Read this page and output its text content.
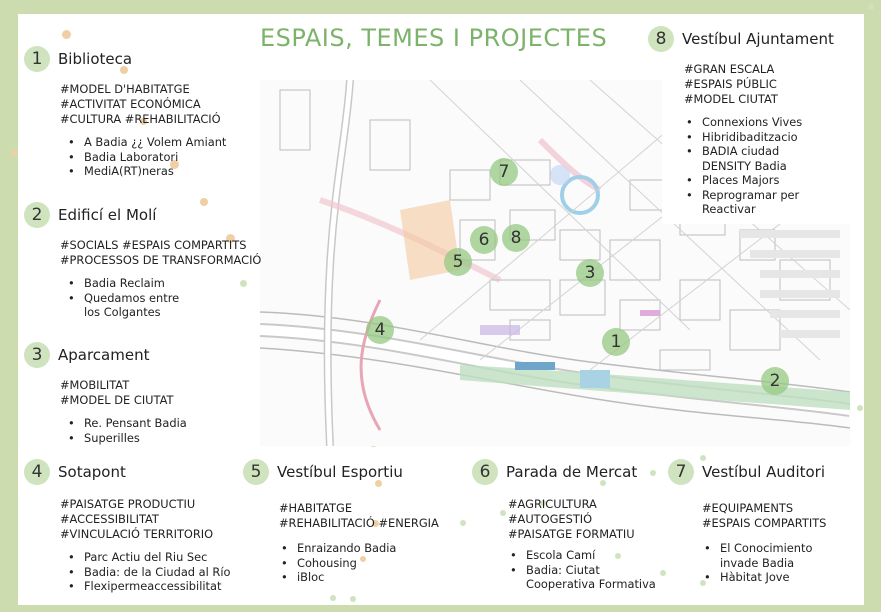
ESPAIS, TEMES I PROJECTES
1
2
3
4
5
6
7
8
1	Biblioteca
#MODEL D'HABITATGE
#ACTIVITAT ECONÓMICA
#CULTURA #REHABILITACIÓ
• A Badia ¿¿ Volem Amiant
• Badia Laboratori
• MediA(RT)neras
2	Edificí el Molí
#SOCIALS #ESPAIS COMPARTITS
#PROCESSOS DE TRANSFORMACIÓ
• Badia Reclaim
• Quedamos entre los Colgantes
3	Aparcament
#MOBILITAT
#MODEL DE CIUTAT
• Re. Pensant Badia
• Superilles
4	Sotapont
#PAISATGE PRODUCTIU
#ACCESSIBILITAT
#VINCULACIÓ TERRITORIO
• Parc Actiu del Riu Sec
• Badia: de la Ciudad al Río
• Flexipermeaccessibilitat
5	Vestíbul Esportiu
#HABITATGE
#REHABILITACIÓ #ENERGIA
• Enraizando Badia
• Cohousing
• iBloc
6	Parada de Mercat
#AGRICULTURA
#AUTOGESTIÓ
#PAISATGE FORMATIU
• Escola Camí
• Badia: Ciutat Cooperativa Formativa
7	Vestíbul Auditori
#EQUIPAMENTS
#ESPAIS COMPARTITS
• El Conocimiento invade Badia
• Hàbitat Jove
8	Vestíbul Ajuntament
#GRAN ESCALA
#ESPAIS PÚBLIC
#MODEL CIUTAT
• Connexions Vives
• Hibridibaditzacio
• BADIA ciudad DENSITY Badia
• Places Majors
• Reprogramar per Reactivar
